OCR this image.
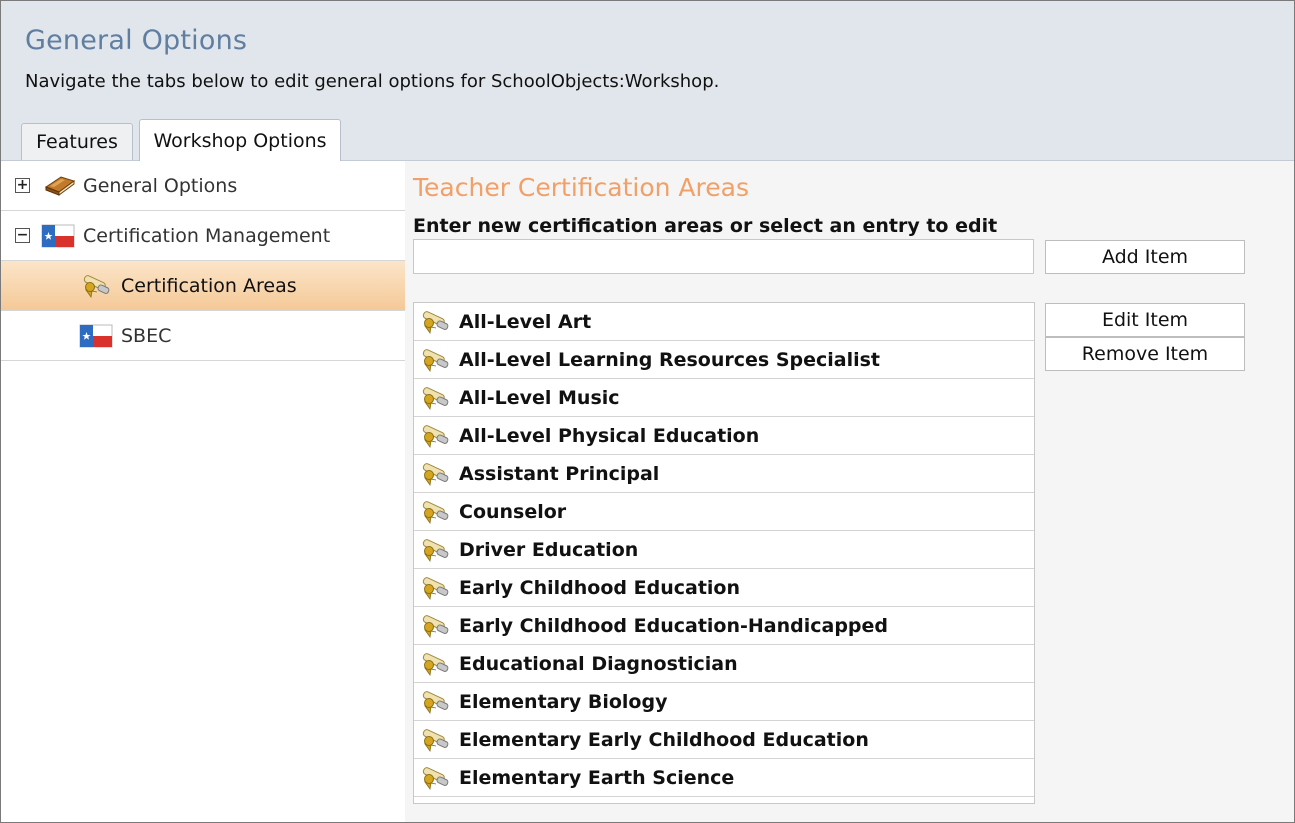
General Options
Navigate the tabs below to edit general options for SchoolObjects:Workshop.
Features	Workshop Options
+	General Options
−	Certification Management
Certification Areas
SBEC
Teacher Certification Areas
Enter new certification areas or select an entry to edit
Add Item
Edit Item
Remove Item
All-Level Art
All-Level Learning Resources Specialist
All-Level Music
All-Level Physical Education
Assistant Principal
Counselor
Driver Education
Early Childhood Education
Early Childhood Education-Handicapped
Educational Diagnostician
Elementary Biology
Elementary Early Childhood Education
Elementary Earth Science
